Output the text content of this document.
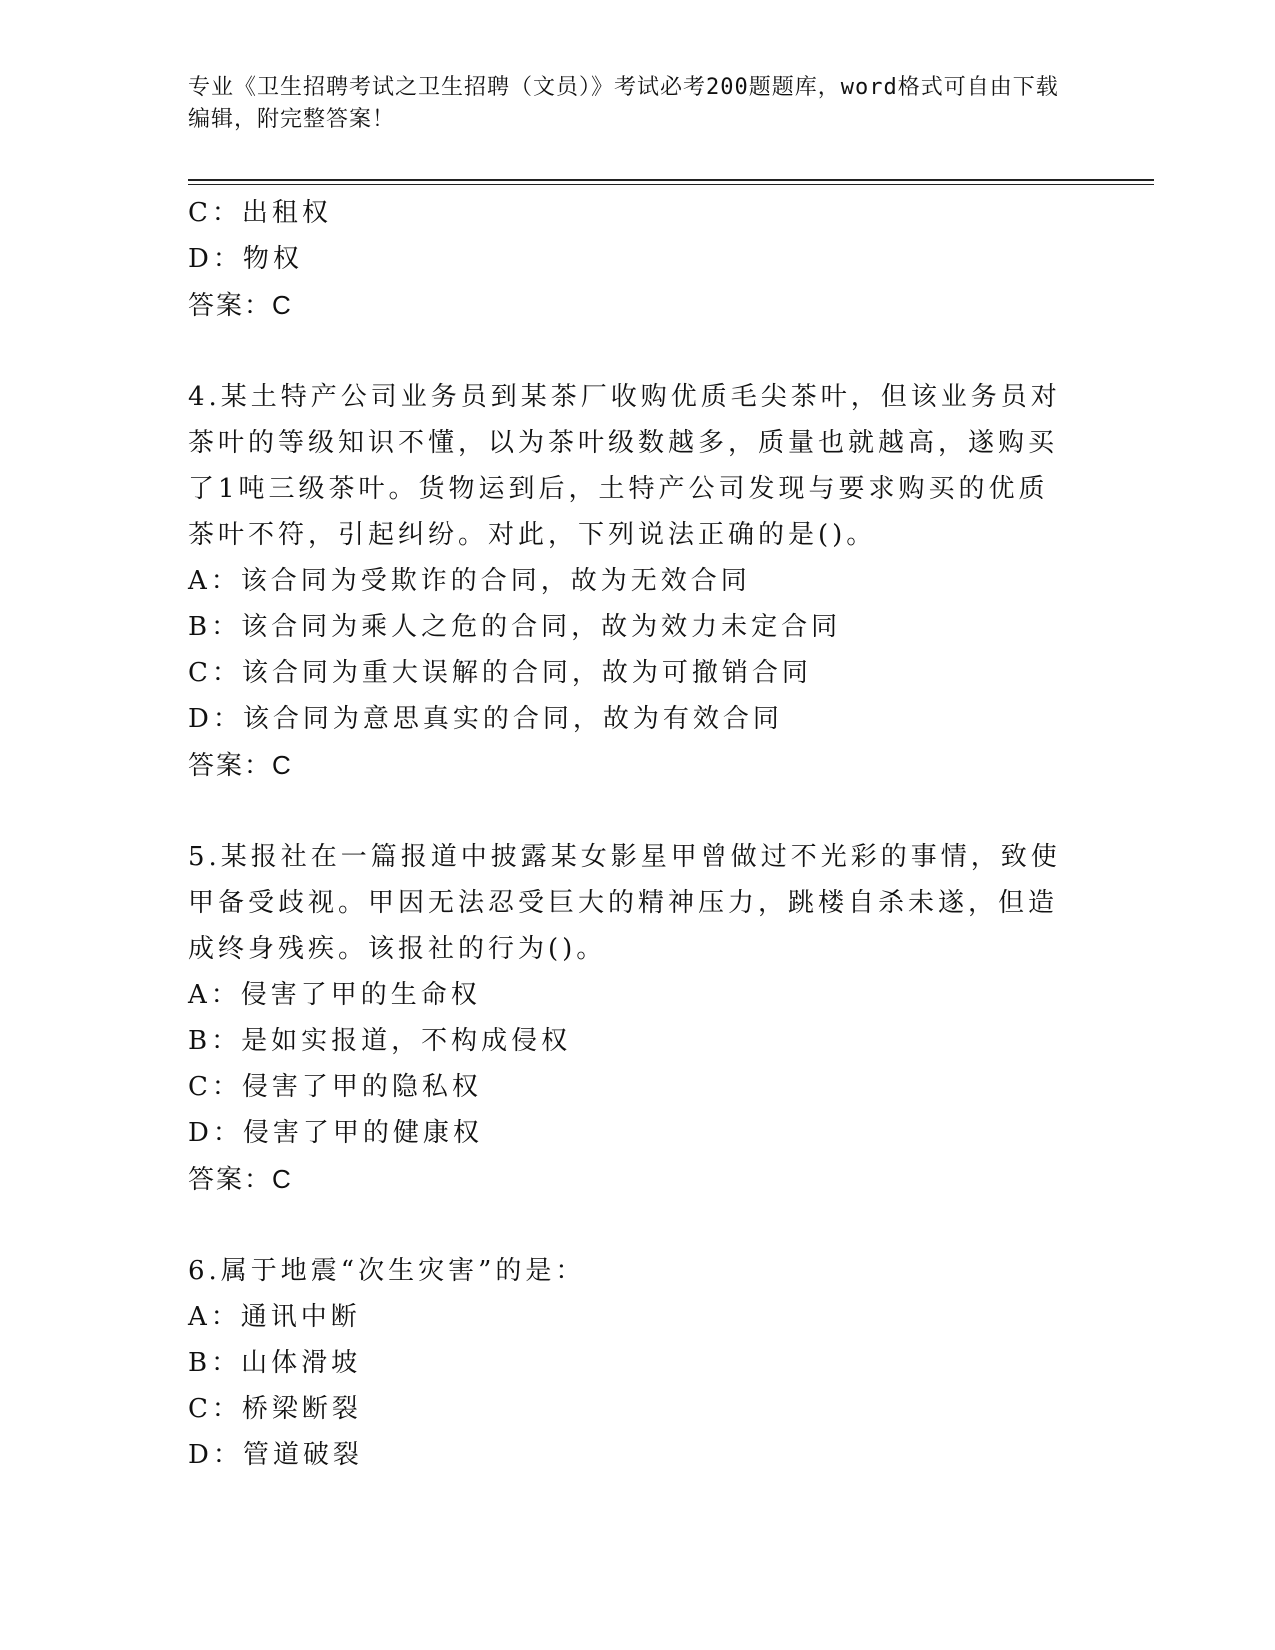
专业《卫生招聘考试之卫生招聘（文员）》考试必考200题题库，word格式可自由下载编辑，附完整答案！
C：出租权
D：物权
答案：C
4.某土特产公司业务员到某茶厂收购优质毛尖茶叶，但该业务员对茶叶的等级知识不懂，以为茶叶级数越多，质量也就越高，遂购买了1吨三级茶叶。货物运到后，土特产公司发现与要求购买的优质茶叶不符，引起纠纷。对此，下列说法正确的是()。
A：该合同为受欺诈的合同，故为无效合同
B：该合同为乘人之危的合同，故为效力未定合同
C：该合同为重大误解的合同，故为可撤销合同
D：该合同为意思真实的合同，故为有效合同
答案：C
5.某报社在一篇报道中披露某女影星甲曾做过不光彩的事情，致使甲备受歧视。甲因无法忍受巨大的精神压力，跳楼自杀未遂，但造成终身残疾。该报社的行为()。
A：侵害了甲的生命权
B：是如实报道，不构成侵权
C：侵害了甲的隐私权
D：侵害了甲的健康权
答案：C
6.属于地震“次生灾害”的是：
A：通讯中断
B：山体滑坡
C：桥梁断裂
D：管道破裂
